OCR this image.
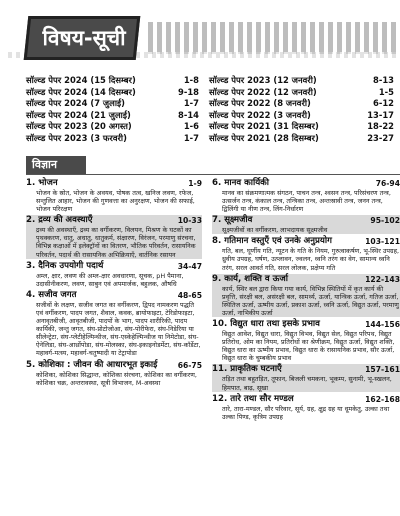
विषय-सूची
सॉल्व्ड पेपर 2024 (15 दिसम्बर)	1-8
सॉल्व्ड पेपर 2024 (14 दिसम्बर)	9-18
सॉल्व्ड पेपर 2024 (7 जुलाई)	1-7
सॉल्व्ड पेपर 2024 (21 जुलाई)	8-14
सॉल्व्ड पेपर 2023 (20 अगस्त)	1-6
सॉल्व्ड पेपर 2023 (3 फरवरी)	1-7
सॉल्व्ड पेपर 2023 (12 जनवरी)	8-13
सॉल्व्ड पेपर 2022 (12 जनवरी)	1-5
सॉल्व्ड पेपर 2022 (8 जनवरी)	6-12
सॉल्व्ड पेपर 2022 (3 जनवरी)	13-17
सॉल्व्ड पेपर 2021 (31 दिसम्बर)	18-22
सॉल्व्ड पेपर 2021 (28 दिसम्बर)	23-27
विज्ञान
1. भोजन	1-9
भोजन के स्रोत, भोजन के अवयव, पोषक तत्व, खनिज लवण, रफेज, सन्तुलित आहार, भोजन की गुणवत्ता का अनुरक्षण, भोजन की सफाई, भोजन परिरक्षण
2. द्रव्य की अवस्थाएँ	10-33
द्रव्य की अवस्थाएँ, द्रव्य का वर्गीकरण, विलयन, मिश्रण के घटकों का पृथक्करण, धातु, अधातु, धातुकर्म, संक्षारण, विरंजन, परमाणु संरचना, विभिन्न कक्षाओं में इलेक्ट्रॉनों का वितरण, भौतिक परिवर्तन, रासायनिक परिवर्तन, पदार्थ की रासायनिक अभिक्रियाएँ, वार्तनिक रसायन
3. दैनिक उपयोगी पदार्थ	34-47
अम्ल, क्षार, लवण की अम्ल-क्षार अवधारणा, सूचक, pH पैमाना, उदासीनीकरण, लवण, साबुन एवं अपमार्जक, बहुलक, औषधि
4. सजीव जगत	48-65
सजीवों के लक्षण, सजीव जगत का वर्गीकरण, द्विपद नामकरण पद्धति एवं वर्गीकरण, पादप जगत, शैवाल, कवक, ब्रायोफाइटा, टेरिडोफाइटा, अनावृतबीजी, आवृतबीजी, पादपों के भाग, पादप शारीरिकी, पादप कार्यिकी, जन्तु जगत, संघ-प्रोटोजोआ, संघ-पोरीफेरा, संघ-निडेरिया या सीलेन्ट्रेटा, संघ-प्लेटीहेल्मिन्थीज, संघ-एस्केहेल्मिन्थीज या निमेटोडा, संघ-ऐनेलिडा, संघ-आर्थ्रोपोडा, संघ-मोलस्का, संघ-इकाइनोडर्मेटा, संघ-कॉर्डेटा, महावर्ग-मत्स्य, महावर्ग-चतुष्पादी या टेट्रापोडा
5. कोशिका : जीवन की आधारभूत इकाई	66-75
कोशिका, कोशिका सिद्धान्त, कोशिका संरचना, कोशिका का वर्गीकरण, कोशिका चक्र, अन्तरावस्था, सूत्री विभाजन, M-अवस्था
6. मानव कार्यिकी	76-94
मानव का संक्रमणात्मक संगठन, पाचन तन्त्र, श्वसन तन्त्र, परिसंचरण तन्त्र, उत्सर्जन तन्त्र, कंकाल तन्त्र, तन्त्रिका तन्त्र, अन्तःस्रावी तन्त्र, जनन तन्त्र, द्विलिंगी या नीण तन्त्र, लिंग-निर्धारण
7. सूक्ष्मजीव	95-102
सूक्ष्मजीवों का वर्गीकरण, लाभदायक सूक्ष्मजीव
8. गतिमान वस्तुएँ एवं उनके अनुप्रयोग	103-121
गति, बल, घूर्णीय गति, न्यूटन के गति के नियम, गुरुत्वाकर्षण, भू-स्थिर उपग्रह, ध्रुवीय उपग्रह, घर्षण, उत्प्लावन, ज्वलन, ध्वनि तरंग का वेग, सामान्य ध्वनि तरंग, सरल आवर्त गति, सरल लोलक, प्रक्षेप्य गति
9. कार्य, शक्ति व ऊर्जा	122-143
कार्य, स्थिर बल द्वारा किया गया कार्य, विभिन्न स्थितियों में कृत कार्य की प्रवृत्ति, संरक्षी बल, असंरक्षी बल, सामर्थ्य, ऊर्जा, यान्त्रिक ऊर्जा, गतिज ऊर्जा, स्थितिज ऊर्जा, ऊष्मीय ऊर्जा, प्रकाश ऊर्जा, ध्वनि ऊर्जा, विद्युत ऊर्जा, परमाणु ऊर्जा, नाभिकीय ऊर्जा
10. विद्युत धारा तथा इसके प्रभाव	144-156
विद्युत आवेश, विद्युत धारा, विद्युत विभव, विद्युत सेल, विद्युत परिपथ, विद्युत प्रतिरोध, ओम का नियम, प्रतिरोधों का श्रेणीक्रम, विद्युत ऊर्जा, विद्युत शक्ति, विद्युत धारा का ऊष्मीय प्रभाव, विद्युत धारा के रासायनिक प्रभाव, सौर ऊर्जा, विद्युत धारा के चुम्बकीय प्रभाव
11. प्राकृतिक घटनाएँ	157-161
तड़ित तथा बहुतड़ित, तूफान, बिजली चमकना, भूकम्प, सुनामी, भू-स्खलन, हिमपात, बाढ़, सूखा
12. तारे तथा सौर मण्डल	162-168
तारे, तारा-मण्डल, सौर परिवार, सूर्य, ग्रह, क्षुद्र ग्रह या धूमकेतु, उल्का तथा उल्का पिण्ड, कृत्रिम उपग्रह
